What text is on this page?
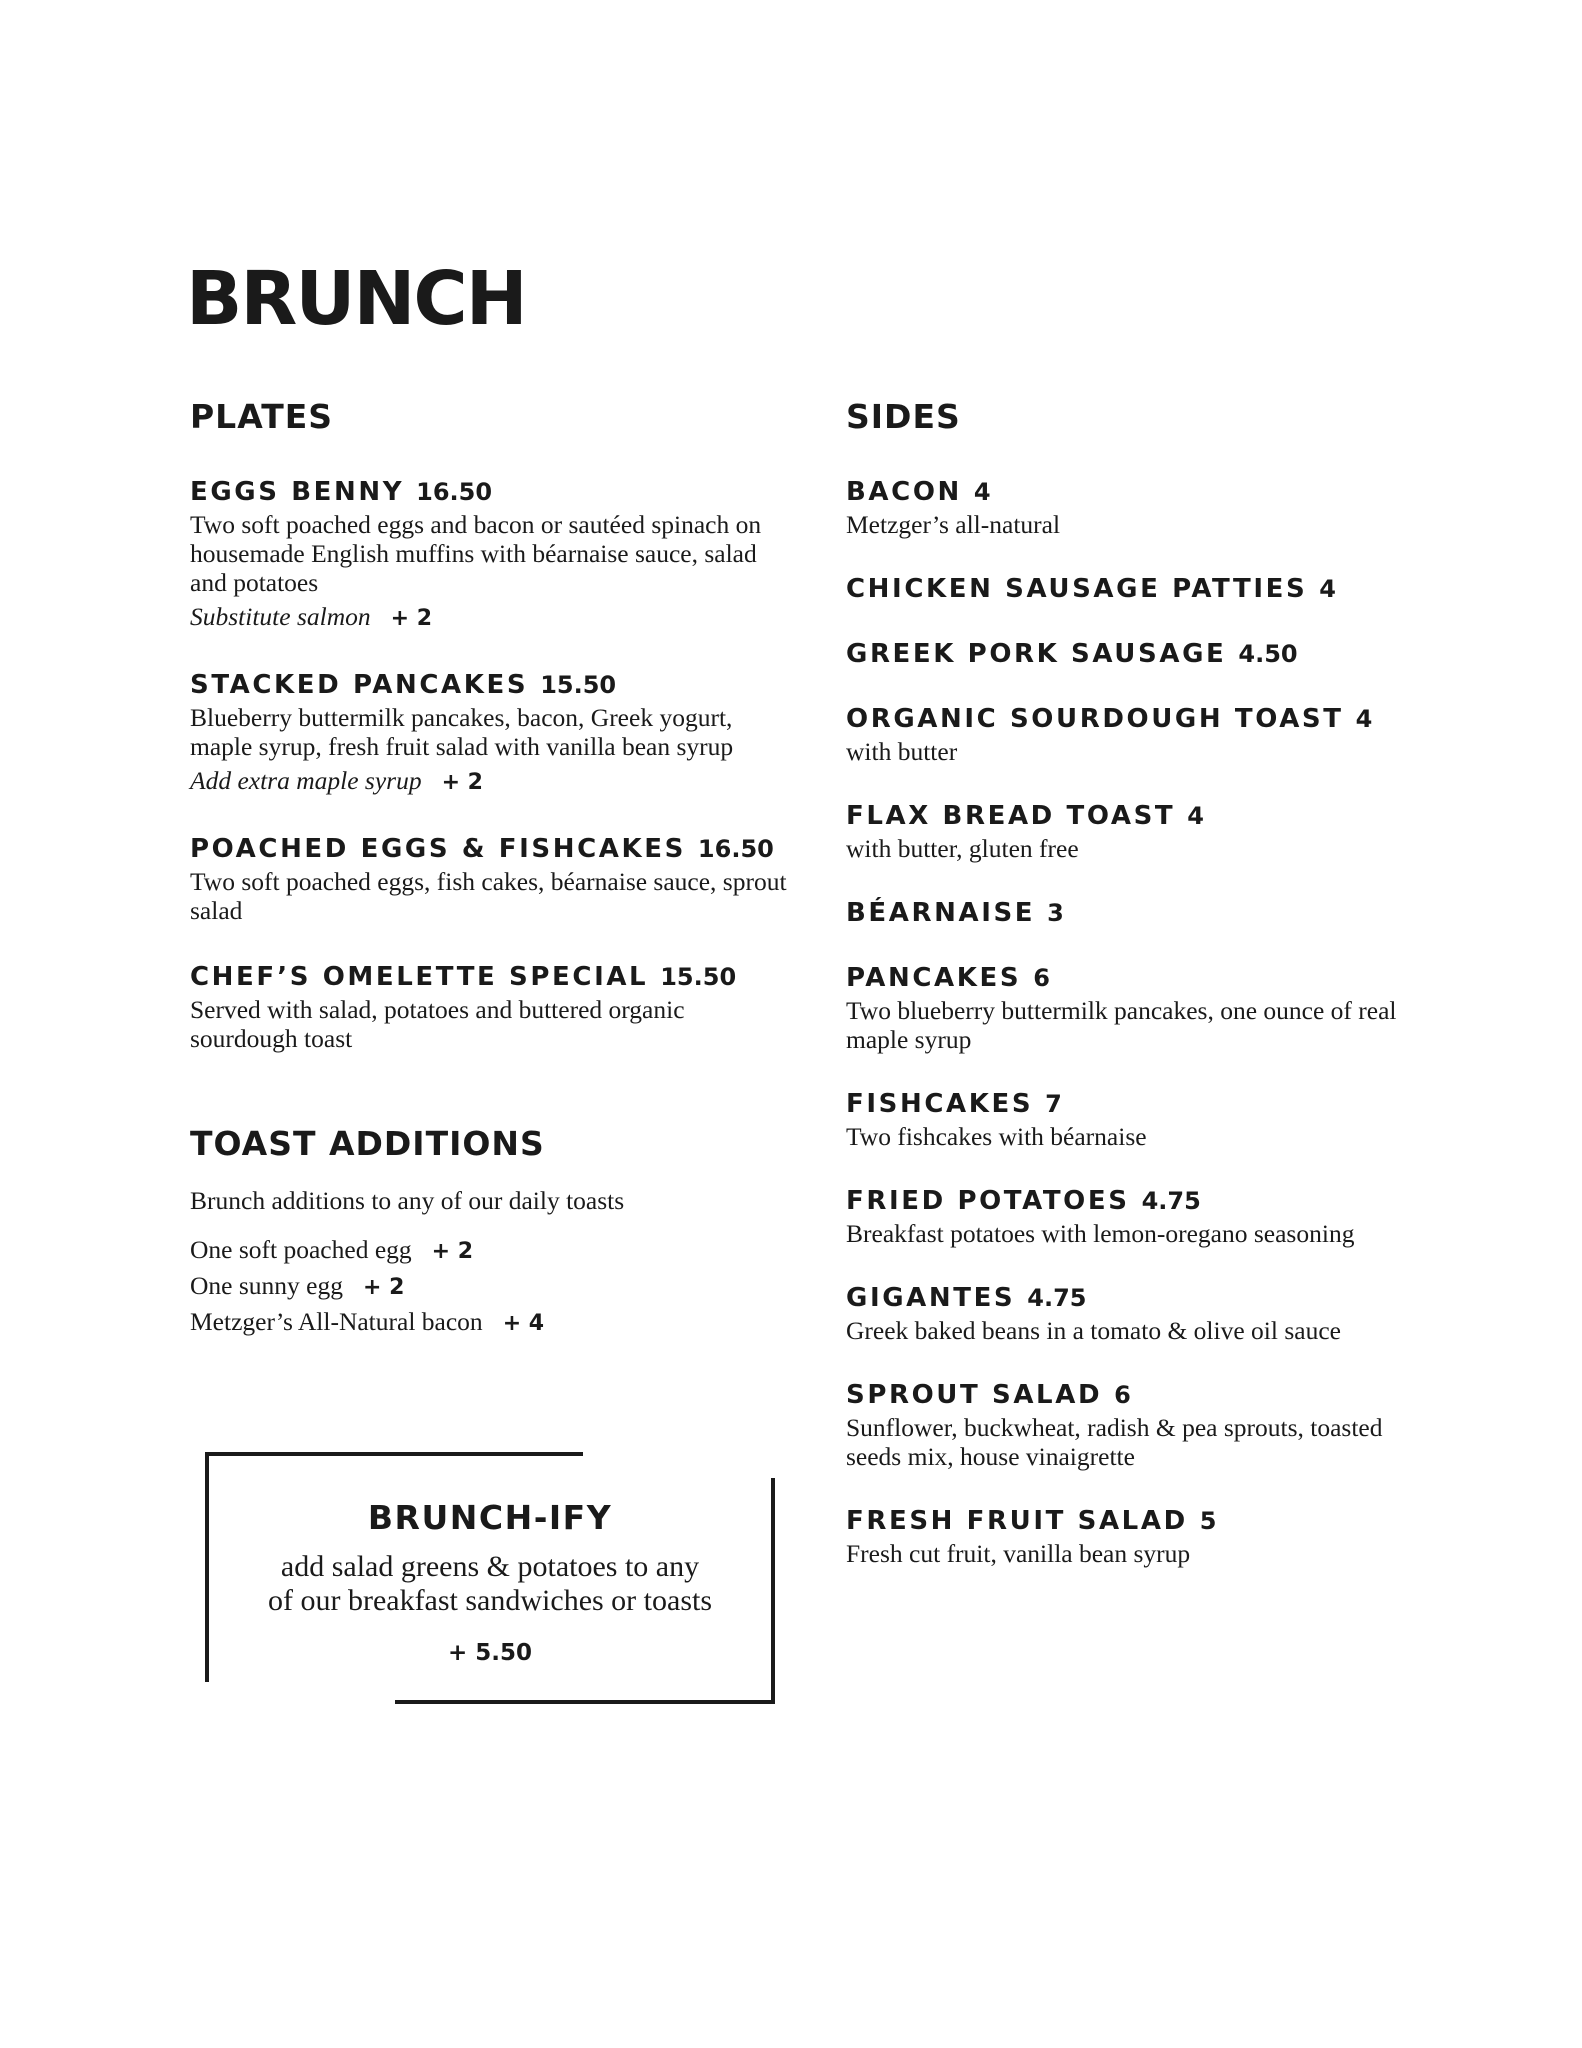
BRUNCH
PLATES
EGGS BENNY 16.50
Two soft poached eggs and bacon or sautéed spinach on housemade English muffins with béarnaise sauce, salad and potatoes
Substitute salmon + 2
STACKED PANCAKES 15.50
Blueberry buttermilk pancakes, bacon, Greek yogurt, maple syrup, fresh fruit salad with vanilla bean syrup
Add extra maple syrup + 2
POACHED EGGS & FISHCAKES 16.50
Two soft poached eggs, fish cakes, béarnaise sauce, sprout salad
CHEF’S OMELETTE SPECIAL 15.50
Served with salad, potatoes and buttered organic sourdough toast
TOAST ADDITIONS
Brunch additions to any of our daily toasts
One soft poached egg + 2
One sunny egg + 2
Metzger’s All-Natural bacon + 4
BRUNCH-IFY
add salad greens & potatoes to any
of our breakfast sandwiches or toasts
+ 5.50
SIDES
BACON 4
Metzger’s all-natural
CHICKEN SAUSAGE PATTIES 4
GREEK PORK SAUSAGE 4.50
ORGANIC SOURDOUGH TOAST 4
with butter
FLAX BREAD TOAST 4
with butter, gluten free
BÉARNAISE 3
PANCAKES 6
Two blueberry buttermilk pancakes, one ounce of real maple syrup
FISHCAKES 7
Two fishcakes with béarnaise
FRIED POTATOES 4.75
Breakfast potatoes with lemon-oregano seasoning
GIGANTES 4.75
Greek baked beans in a tomato & olive oil sauce
SPROUT SALAD 6
Sunflower, buckwheat, radish & pea sprouts, toasted seeds mix, house vinaigrette
FRESH FRUIT SALAD 5
Fresh cut fruit, vanilla bean syrup
